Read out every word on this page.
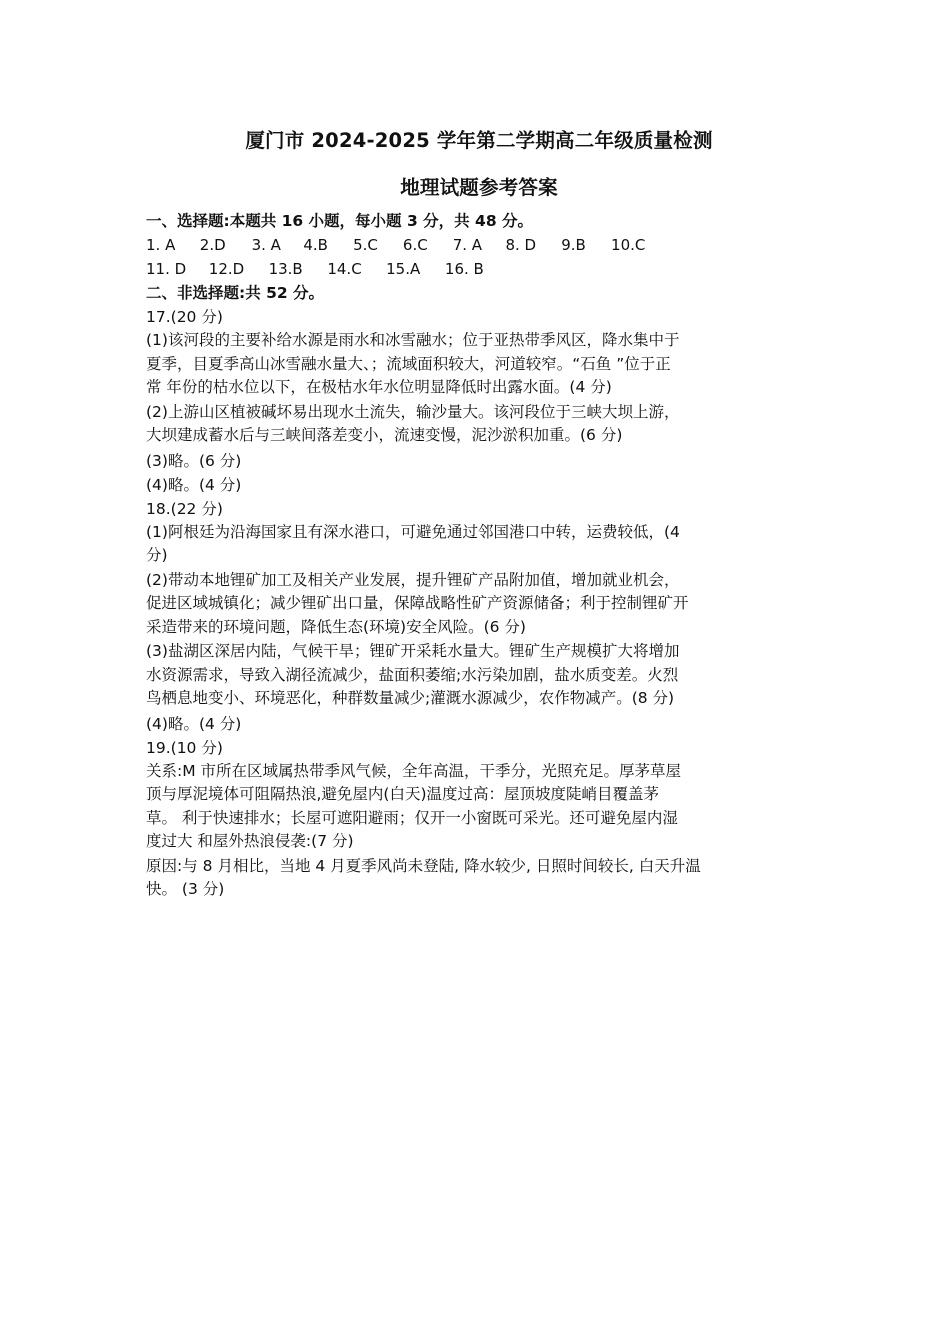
厦门市 2024-2025 学年第二学期高二年级质量检测
地理试题参考答案

一、选择题:本题共 16 小题，每小题 3 分，共 48 分。

1. A 2.D 3. A 4.B 5.C 6.C 7. A 8. D 9.B 10.C

11. D 12.D 13.B 14.C 15.A 16. B

二、非选择题:共 52 分。

17.(20 分)

(1)该河段的主要补给水源是雨水和冰雪融水；位于亚热带季风区，降水集中于
夏季，目夏季高山冰雪融水量大、；流域面积较大，河道较窄。“石鱼 ”位于正
常 年份的枯水位以下，在极枯水年水位明显降低时出露水面。(4 分)

(2)上游山区植被碱坏易出现水土流失，输沙量大。该河段位于三峡大坝上游，
大坝建成蓄水后与三峡间落差变小，流速变慢，泥沙淤积加重。(6 分)

(3)略。(6 分)

(4)略。(4 分)

18.(22 分)

(1)阿根廷为沿海国家且有深水港口，可避免通过邻国港口中转，运费较低，(4
分)

(2)带动本地锂矿加工及相关产业发展，提升锂矿产品附加值，增加就业机会，
促进区域城镇化；减少锂矿出口量，保障战略性矿产资源储备；利于控制锂矿开
采造带来的环境问题，降低生态(环境)安全风险。(6 分)

(3)盐湖区深居内陆，气候干旱；锂矿开采耗水量大。锂矿生产规模扩大将增加
水资源需求，导致入湖径流减少，盐面积萎缩;水污染加剧，盐水质变差。火烈
鸟栖息地变小、环境恶化，种群数量减少;灌溉水源减少，农作物减产。(8 分)

(4)略。(4 分)

19.(10 分)

关系:M 市所在区域属热带季风气候，全年高温，干季分，光照充足。厚茅草屋
顶与厚泥境体可阻隔热浪,避免屋内(白天)温度过高：屋顶坡度陡峭目覆盖茅
草。 利于快速排水；长屋可遮阳避雨；仅开一小窗既可采光。还可避免屋内湿
度过大 和屋外热浪侵袭:(7 分)

原因:与 8 月相比，当地 4 月夏季风尚未登陆, 降水较少, 日照时间较长, 白天升温
快。 (3 分)
